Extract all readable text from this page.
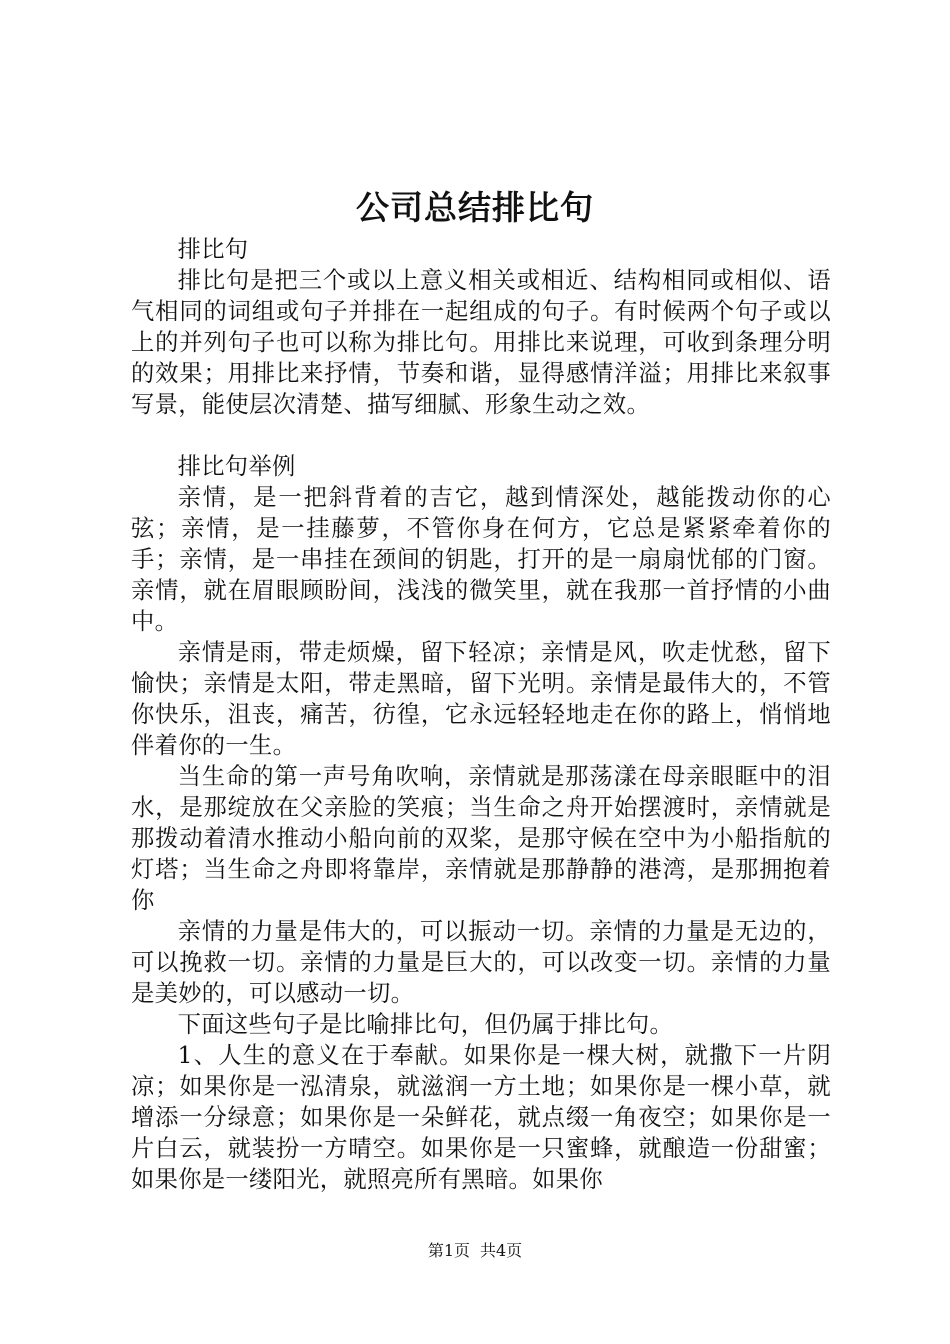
公司总结排比句

排比句

排比句是把三个或以上意义相关或相近、结构相同或相似、语气相同的词组或句子并排在一起组成的句子。有时候两个句子或以上的并列句子也可以称为排比句。用排比来说理，可收到条理分明的效果；用排比来抒情，节奏和谐，显得感情洋溢；用排比来叙事写景，能使层次清楚、描写细腻、形象生动之效。

排比句举例

亲情，是一把斜背着的吉它，越到情深处，越能拨动你的心弦；亲情，是一挂藤萝，不管你身在何方，它总是紧紧牵着你的手；亲情，是一串挂在颈间的钥匙，打开的是一扇扇忧郁的门窗。亲情，就在眉眼顾盼间，浅浅的微笑里，就在我那一首抒情的小曲中。

亲情是雨，带走烦燥，留下轻凉；亲情是风，吹走忧愁，留下愉快；亲情是太阳，带走黑暗，留下光明。亲情是最伟大的，不管你快乐，沮丧，痛苦，彷徨，它永远轻轻地走在你的路上，悄悄地伴着你的一生。

当生命的第一声号角吹响，亲情就是那荡漾在母亲眼眶中的泪水，是那绽放在父亲脸的笑痕；当生命之舟开始摆渡时，亲情就是那拨动着清水推动小船向前的双桨，是那守候在空中为小船指航的灯塔；当生命之舟即将靠岸，亲情就是那静静的港湾，是那拥抱着你

亲情的力量是伟大的，可以振动一切。亲情的力量是无边的，可以挽救一切。亲情的力量是巨大的，可以改变一切。亲情的力量是美妙的，可以感动一切。

下面这些句子是比喻排比句，但仍属于排比句。

1、人生的意义在于奉献。如果你是一棵大树，就撒下一片阴凉；如果你是一泓清泉，就滋润一方土地；如果你是一棵小草，就增添一分绿意；如果你是一朵鲜花，就点缀一角夜空；如果你是一片白云，就装扮一方晴空。如果你是一只蜜蜂，就酿造一份甜蜜；如果你是一缕阳光，就照亮所有黑暗。如果你

第1页 共4页
